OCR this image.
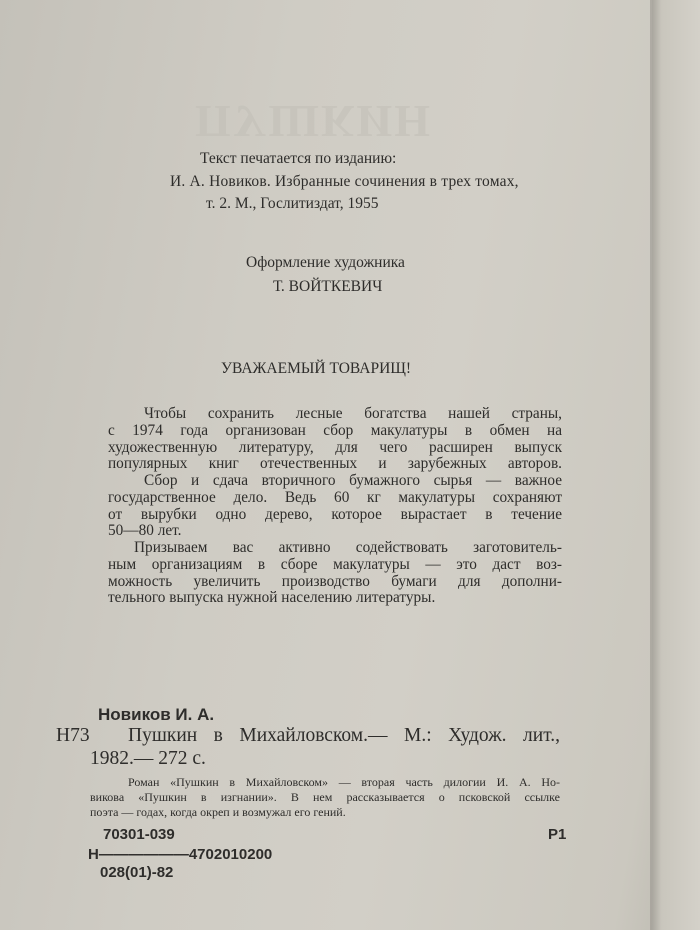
ПУШКИН
Текст печатается по изданию:
И. А. Новиков. Избранные сочинения в трех томах,
т. 2. М., Гослитиздат, 1955
Оформление художника
Т. ВОЙТКЕВИЧ
УВАЖАЕМЫЙ ТОВАРИЩ!
Чтобы сохранить лесные богатства нашей страны,
с 1974 года организован сбор макулатуры в обмен на
художественную литературу, для чего расширен выпуск
популярных книг отечественных и зарубежных авторов.
Сбор и сдача вторичного бумажного сырья — важное
государственное дело. Ведь 60 кг макулатуры сохраняют
от вырубки одно дерево, которое вырастает в течение
50—80 лет.
Призываем вас активно содействовать заготовитель-
ным организациям в сборе макулатуры — это даст воз-
можность увеличить производство бумаги для дополни-
тельного выпуска нужной населению литературы.
Новиков И. А.
Н73 Пушкин в Михайловском.— М.: Худож. лит.,
1982.— 272 с.
Роман «Пушкин в Михайловском» — вторая часть дилогии И. А. Но-
викова «Пушкин в изгнании». В нем рассказывается о псковской ссылке
поэта — годах, когда окреп и возмужал его гений.
70301-039	Р1
Н——————4702010200
028(01)-82
